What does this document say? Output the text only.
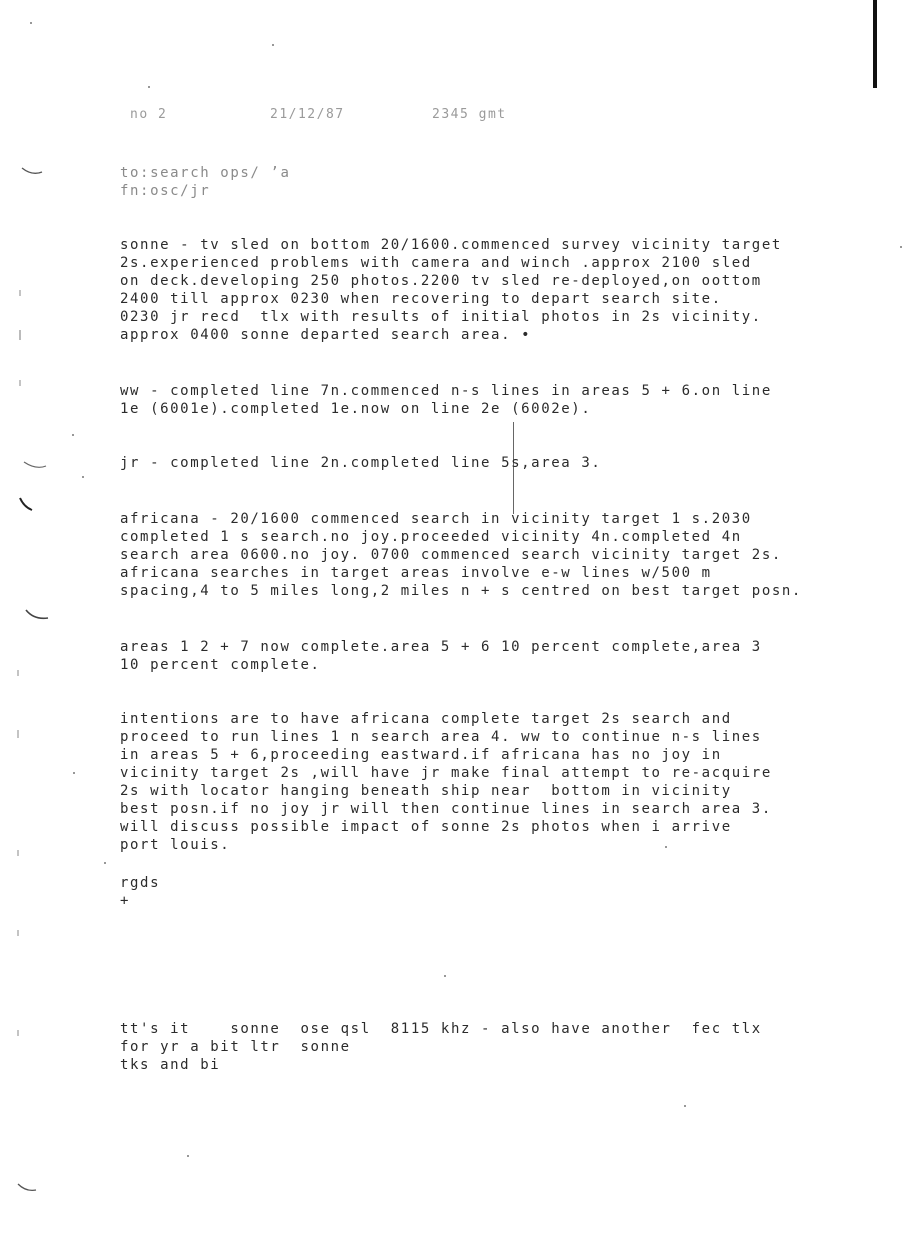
no 2	21/12/87	2345 gmt
to:search ops/ ’a
fn:osc/jr
sonne - tv sled on bottom 20/1600.commenced survey vicinity target
2s.experienced problems with camera and winch .approx 2100 sled
on deck.developing 250 photos.2200 tv sled re-deployed,on oottom
2400 till approx 0230 when recovering to depart search site.
0230 jr recd  tlx with results of initial photos in 2s vicinity.
approx 0400 sonne departed search area. •
ww - completed line 7n.commenced n-s lines in areas 5 + 6.on line
1e (6001e).completed 1e.now on line 2e (6002e).
jr - completed line 2n.completed line 5s,area 3.
africana - 20/1600 commenced search in vicinity target 1 s.2030
completed 1 s search.no joy.proceeded vicinity 4n.completed 4n
search area 0600.no joy. 0700 commenced search vicinity target 2s.
africana searches in target areas involve e-w lines w/500 m
spacing,4 to 5 miles long,2 miles n + s centred on best target posn.
areas 1 2 + 7 now complete.area 5 + 6 10 percent complete,area 3
10 percent complete.
intentions are to have africana complete target 2s search and
proceed to run lines 1 n search area 4. ww to continue n-s lines
in areas 5 + 6,proceeding eastward.if africana has no joy in
vicinity target 2s ,will have jr make final attempt to re-acquire
2s with locator hanging beneath ship near  bottom in vicinity
best posn.if no joy jr will then continue lines in search area 3.
will discuss possible impact of sonne 2s photos when i arrive
port louis.
rgds
+
tt's it    sonne  ose qsl  8115 khz - also have another  fec tlx
for yr a bit ltr  sonne
tks and bi
